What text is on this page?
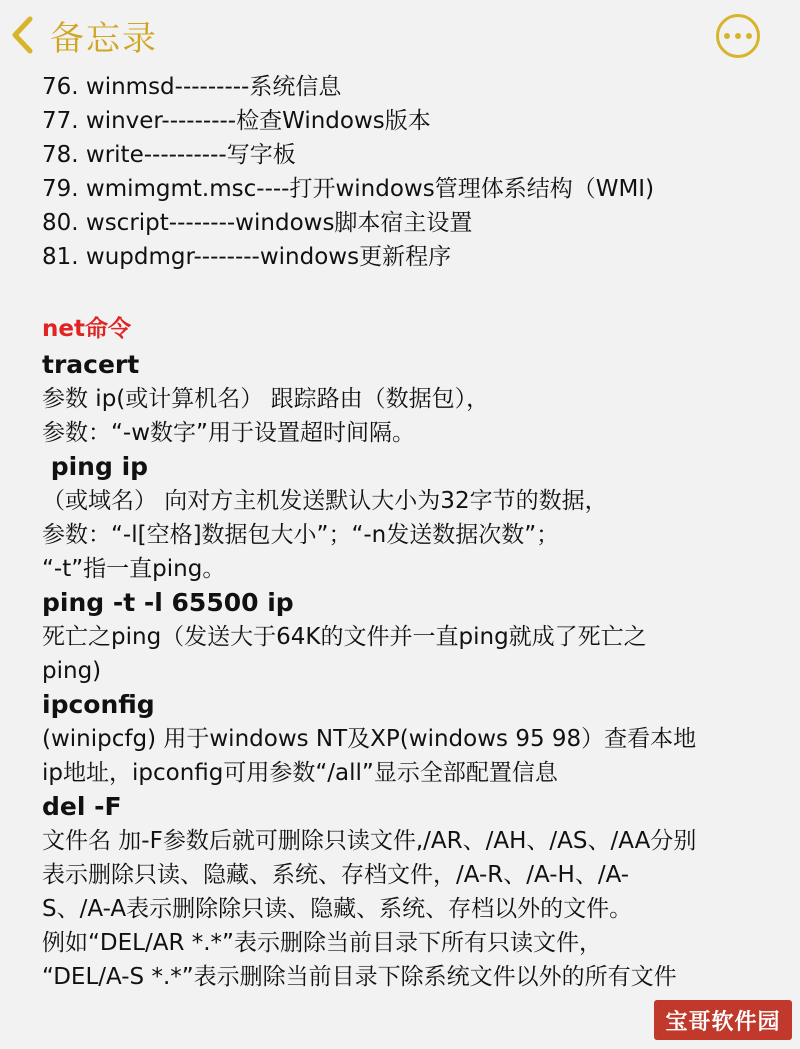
备忘录
76. winmsd---------系统信息
77. winver---------检查Windows版本
78. write----------写字板
79. wmimgmt.msc----打开windows管理体系结构（WMI)
80. wscript--------windows脚本宿主设置
81. wupdmgr--------windows更新程序
net命令
tracert
参数 ip(或计算机名） 跟踪路由（数据包），
参数：“-w数字”用于设置超时间隔。
ping ip
（或域名） 向对方主机发送默认大小为32字节的数据，
参数：“-l[空格]数据包大小”；“-n发送数据次数”；
“-t”指一直ping。
ping -t -l 65500 ip
死亡之ping（发送大于64K的文件并一直ping就成了死亡之
ping)
ipconfig
(winipcfg) 用于windows NT及XP(windows 95 98）查看本地
ip地址，ipconfig可用参数“/all”显示全部配置信息
del -F
文件名 加-F参数后就可删除只读文件,/AR、/AH、/AS、/AA分别
表示删除只读、隐藏、系统、存档文件，/A-R、/A-H、/A-
S、/A-A表示删除除只读、隐藏、系统、存档以外的文件。
例如“DEL/AR *.*”表示删除当前目录下所有只读文件，
“DEL/A-S *.*”表示删除当前目录下除系统文件以外的所有文件
宝哥软件园
